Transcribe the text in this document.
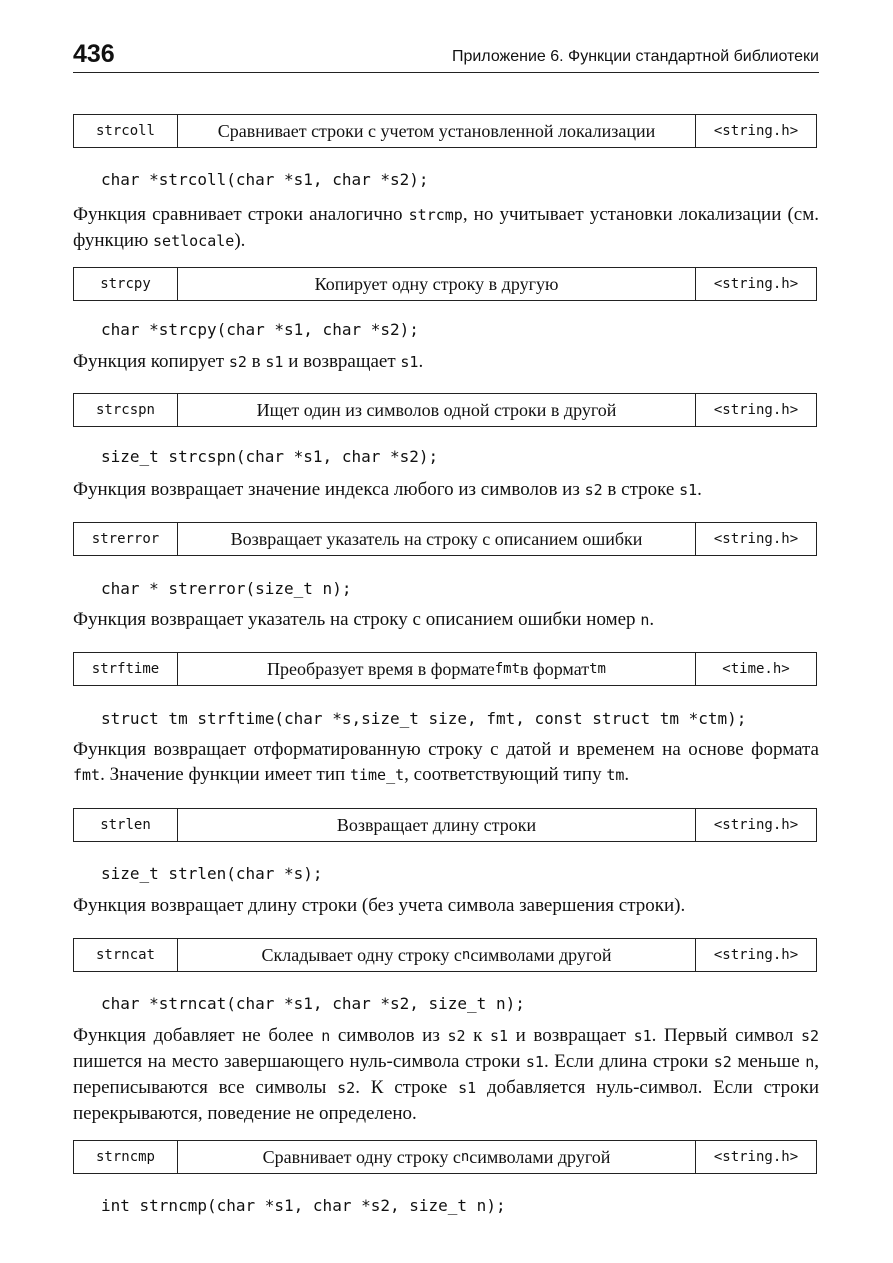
436	Приложение 6. Функции стандартной библиотеки
strcoll	Сравнивает строки с учетом установленной локализации	<string.h>
char *strcoll(char *s1, char *s2);
Функция сравнивает строки аналогично strcmp, но учитывает установки локализации (см. функцию setlocale).
strcpy	Копирует одну строку в другую	<string.h>
char *strcpy(char *s1, char *s2);
Функция копирует s2 в s1 и возвращает s1.
strcspn	Ищет один из символов одной строки в другой	<string.h>
size_t strcspn(char *s1, char *s2);
Функция возвращает значение индекса любого из символов из s2 в строке s1.
strerror	Возвращает указатель на строку с описанием ошибки	<string.h>
char * strerror(size_t n);
Функция возвращает указатель на строку с описанием ошибки номер n.
strftime	Преобразует время в формате fmt в формат tm	<time.h>
struct tm strftime(char *s,size_t size, fmt, const struct tm *ctm);
Функция возвращает отформатированную строку с датой и временем на основе формата fmt. Значение функции имеет тип time_t, соответствующий типу tm.
strlen	Возвращает длину строки	<string.h>
size_t strlen(char *s);
Функция возвращает длину строки (без учета символа завершения строки).
strncat	Складывает одну строку с n символами другой	<string.h>
char *strncat(char *s1, char *s2, size_t n);
Функция добавляет не более n символов из s2 к s1 и возвращает s1. Первый символ s2 пишется на место завершающего нуль-символа строки s1. Если длина строки s2 меньше n, переписываются все символы s2. К строке s1 добавляется нуль-символ. Если строки перекрываются, поведение не определено.
strncmp	Сравнивает одну строку с n символами другой	<string.h>
int strncmp(char *s1, char *s2, size_t n);
